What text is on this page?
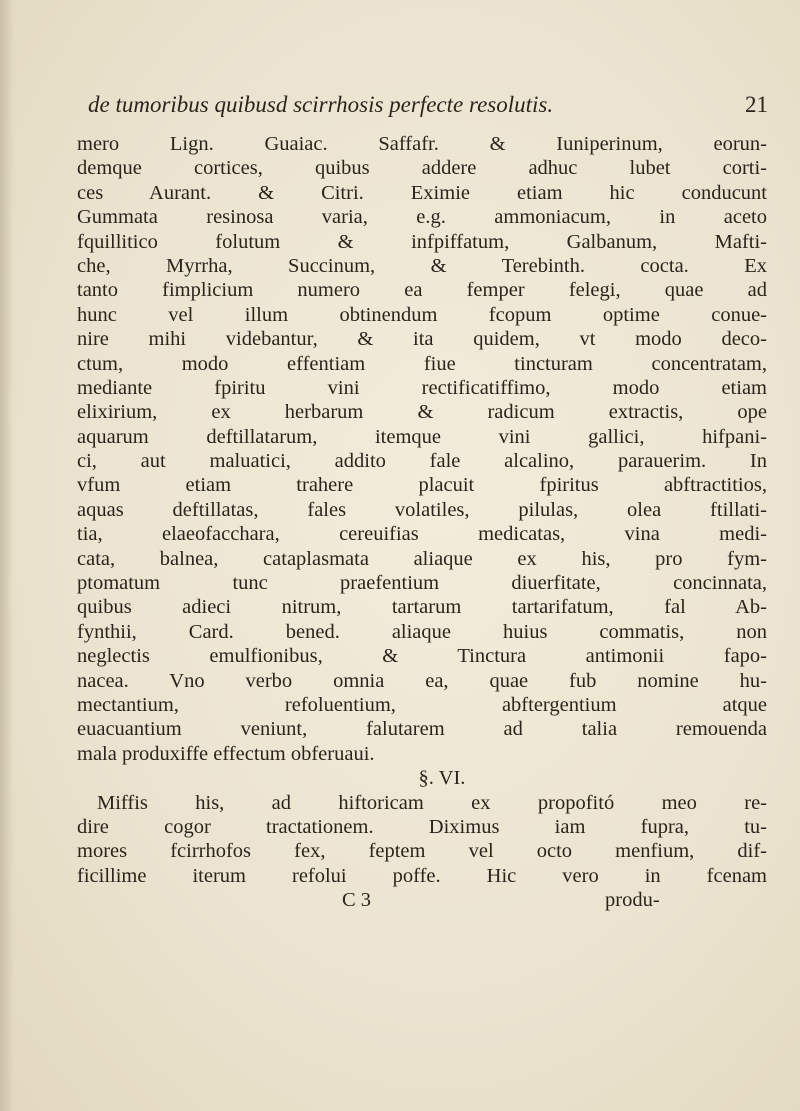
de tumoribus quibusd scirrhosis perfecte resolutis.	21
mero Lign. Guaiac. Saffafr. & Iuniperinum, eorun-
demque cortices, quibus addere adhuc lubet corti-
ces Aurant. & Citri. Eximie etiam hic conducunt
Gummata resinosa varia, e.g. ammoniacum, in aceto
fquillitico folutum & infpiffatum, Galbanum, Mafti-
che, Myrrha, Succinum, & Terebinth. cocta. Ex
tanto fimplicium numero ea femper felegi, quae ad
hunc vel illum obtinendum fcopum optime conue-
nire mihi videbantur, & ita quidem, vt modo deco-
ctum, modo effentiam fiue tincturam concentratam,
mediante fpiritu vini rectificatiffimo, modo etiam
elixirium, ex herbarum & radicum extractis, ope
aquarum deftillatarum, itemque vini gallici, hifpani-
ci, aut maluatici, addito fale alcalino, parauerim. In
vfum etiam trahere placuit fpiritus abftractitios,
aquas deftillatas, fales volatiles, pilulas, olea ftillati-
tia, elaeofacchara, cereuifias medicatas, vina medi-
cata, balnea, cataplasmata aliaque ex his, pro fym-
ptomatum tunc praefentium diuerfitate, concinnata,
quibus adieci nitrum, tartarum tartarifatum, fal Ab-
fynthii, Card. bened. aliaque huius commatis, non
neglectis emulfionibus, & Tinctura antimonii fapo-
nacea. Vno verbo omnia ea, quae fub nomine hu-
mectantium, refoluentium, abftergentium atque
euacuantium veniunt, falutarem ad talia remouenda
mala produxiffe effectum obferuaui.
§. VI.
Miffis his, ad hiftoricam ex propofitó meo re-
dire cogor tractationem. Diximus iam fupra, tu-
mores fcirrhofos fex, feptem vel octo menfium, dif-
ficillime iterum refolui poffe. Hic vero in fcenam
C 3	produ-
